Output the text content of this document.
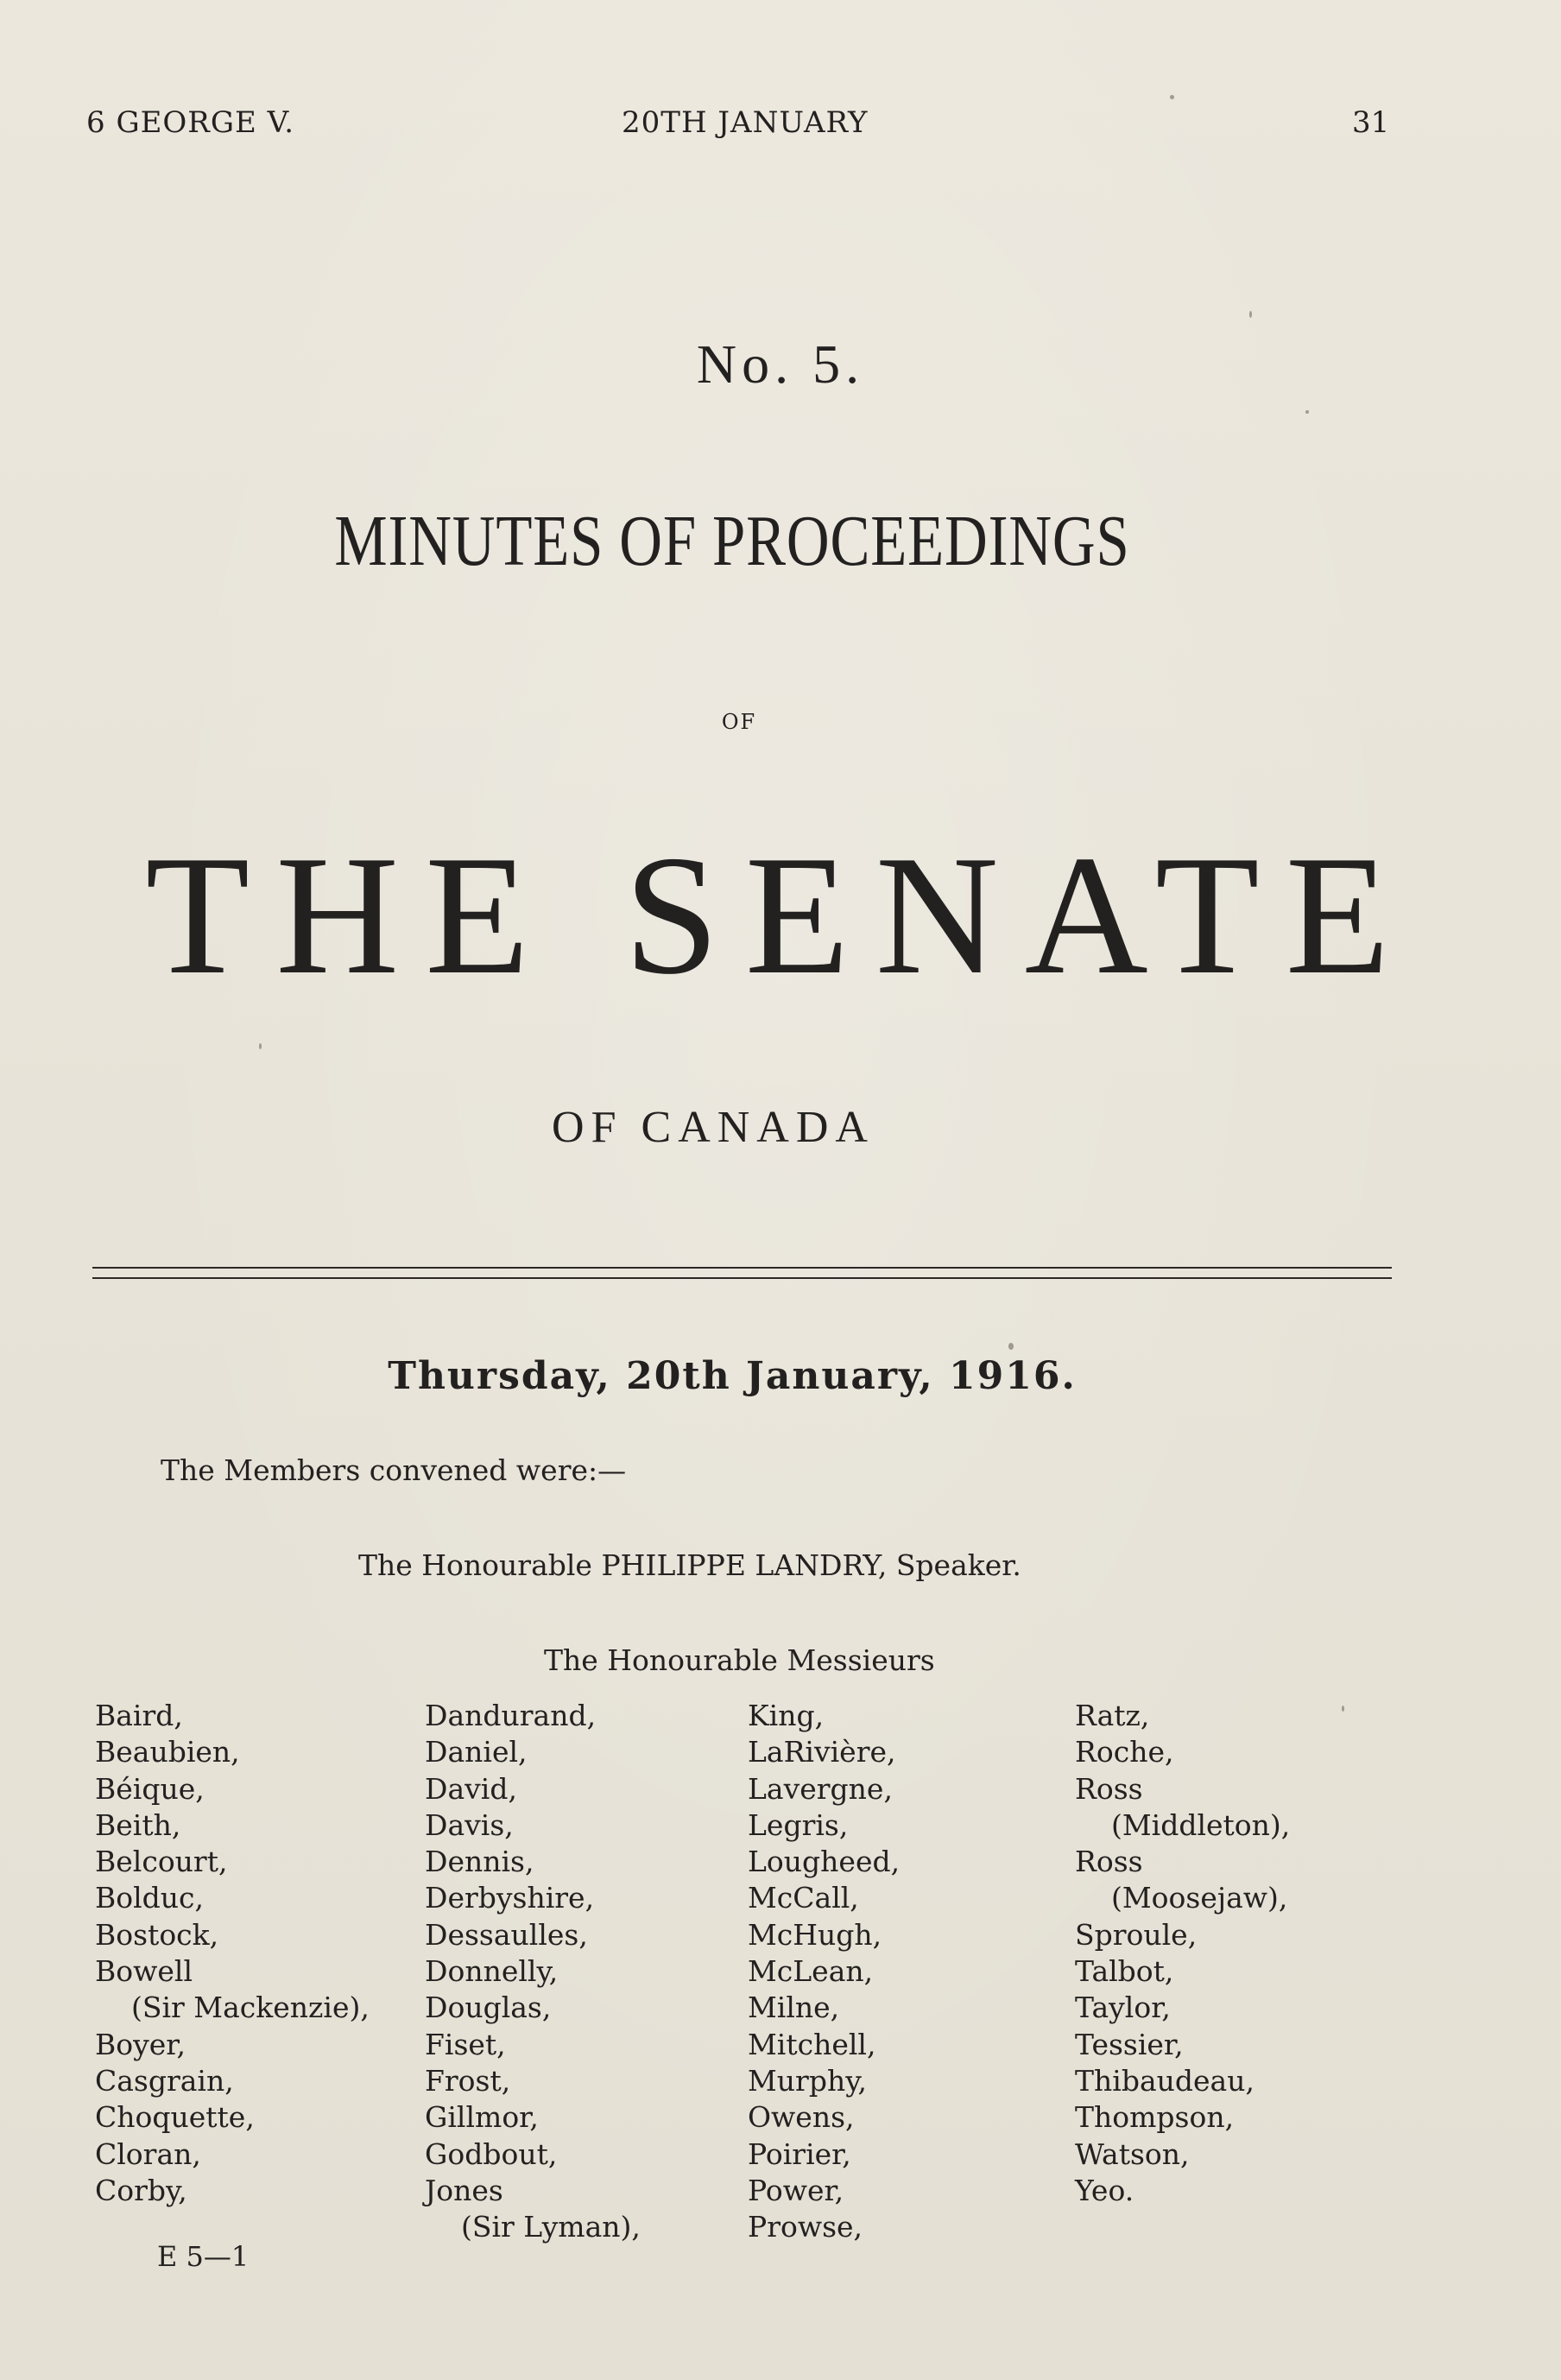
6 GEORGE V.	20TH JANUARY	31
No. 5.
MINUTES OF PROCEEDINGS
OF
THE SENATE
OF CANADA
Thursday, 20th January, 1916.
The Members convened were:—
The Honourable PHILIPPE LANDRY, Speaker.
The Honourable Messieurs
Baird,
Beaubien,
Béique,
Beith,
Belcourt,
Bolduc,
Bostock,
Bowell
(Sir Mackenzie),
Boyer,
Casgrain,
Choquette,
Cloran,
Corby,
Dandurand,
Daniel,
David,
Davis,
Dennis,
Derbyshire,
Dessaulles,
Donnelly,
Douglas,
Fiset,
Frost,
Gillmor,
Godbout,
Jones
(Sir Lyman),
King,
LaRivière,
Lavergne,
Legris,
Lougheed,
McCall,
McHugh,
McLean,
Milne,
Mitchell,
Murphy,
Owens,
Poirier,
Power,
Prowse,
Ratz,
Roche,
Ross
(Middleton),
Ross
(Moosejaw),
Sproule,
Talbot,
Taylor,
Tessier,
Thibaudeau,
Thompson,
Watson,
Yeo.
E 5—1
